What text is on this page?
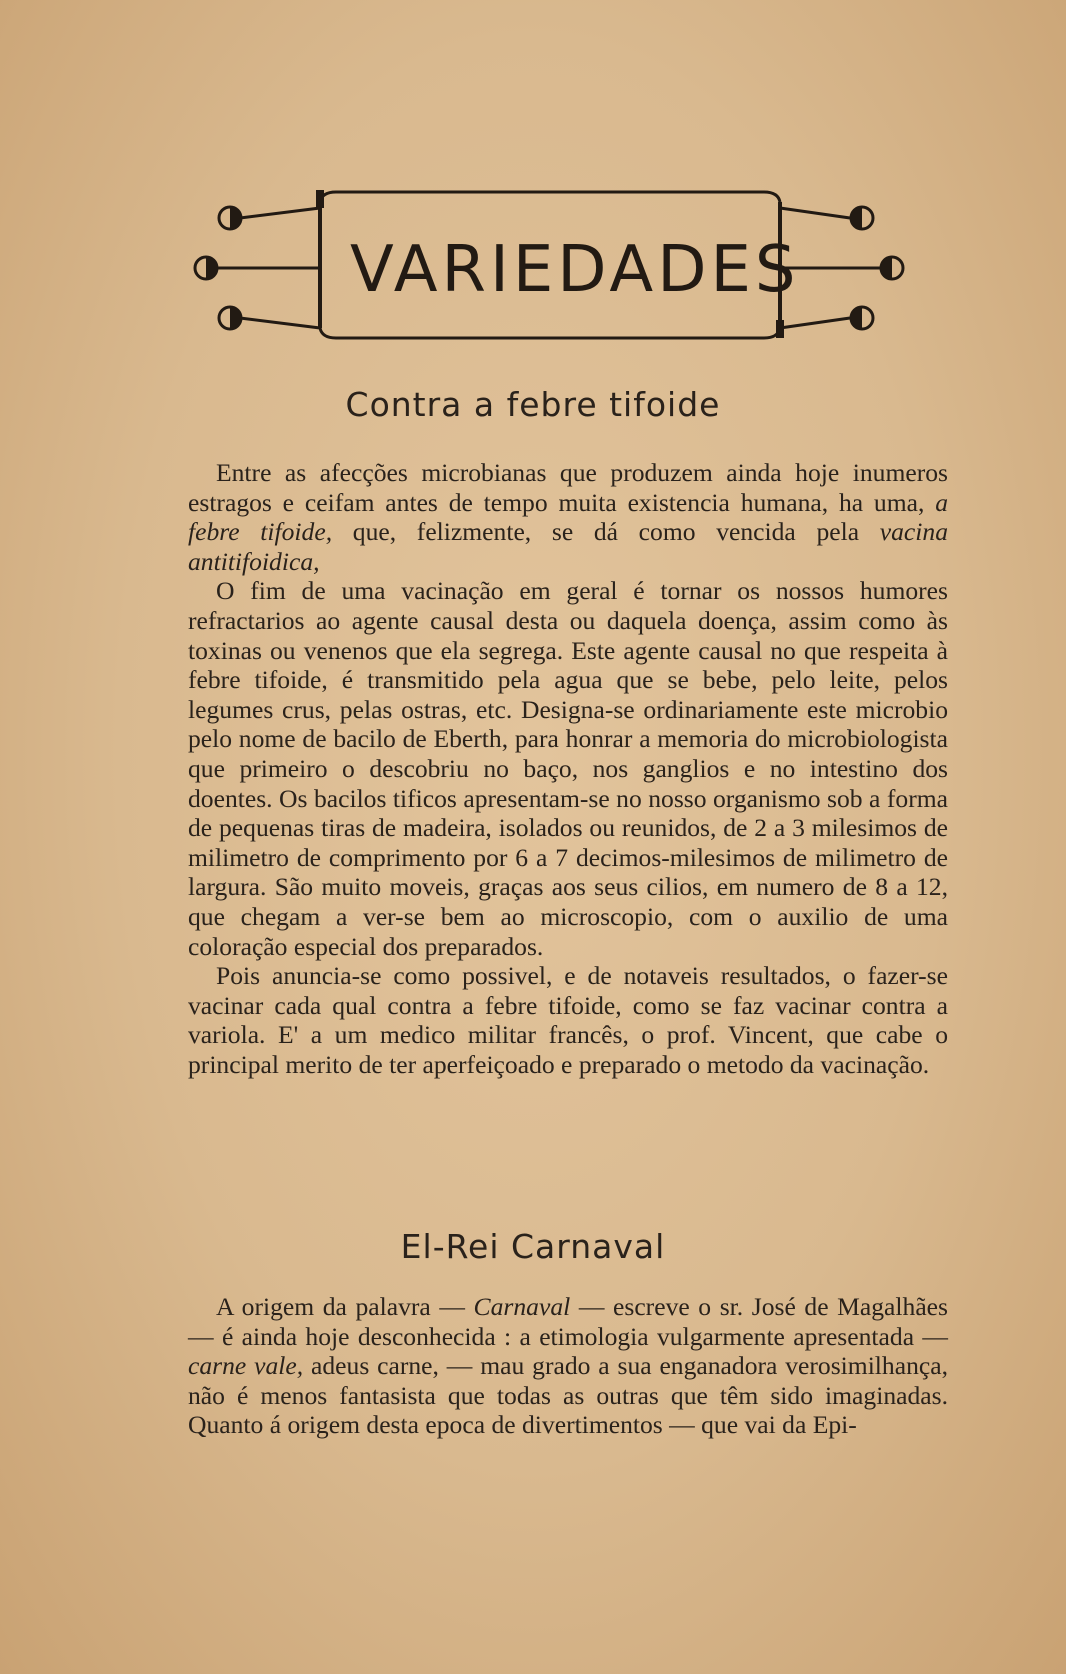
VARIEDADES
Contra a febre tifoide

Entre as afecções microbianas que produzem ainda hoje inumeros estragos e ceifam antes de tempo muita existencia humana, ha uma, a febre tifoide, que, felizmente, se dá como vencida pela vacina antitifoidica,

O fim de uma vacinação em geral é tornar os nossos humores refractarios ao agente causal desta ou daquela doença, assim como às toxinas ou venenos que ela segrega. Este agente causal no que respeita à febre tifoide, é transmitido pela agua que se bebe, pelo leite, pelos legumes crus, pelas ostras, etc. Designa-se ordinariamente este microbio pelo nome de bacilo de Eberth, para honrar a memoria do microbiologista que primeiro o descobriu no baço, nos ganglios e no intestino dos doentes. Os bacilos tificos apresentam-se no nosso organismo sob a forma de pequenas tiras de madeira, isolados ou reunidos, de 2 a 3 milesimos de milimetro de comprimento por 6 a 7 decimos-milesimos de milimetro de largura. São muito moveis, graças aos seus cilios, em numero de 8 a 12, que chegam a ver-se bem ao microscopio, com o auxilio de uma coloração especial dos preparados.

Pois anuncia-se como possivel, e de notaveis resultados, o fazer-se vacinar cada qual contra a febre tifoide, como se faz vacinar contra a variola. E' a um medico militar francês, o prof. Vincent, que cabe o principal merito de ter aperfeiçoado e preparado o metodo da vacinação.

El-Rei Carnaval

A origem da palavra — Carnaval — escreve o sr. José de Magalhães — é ainda hoje desconhecida : a etimologia vulgarmente apresentada — carne vale, adeus carne, — mau grado a sua enganadora verosimilhança, não é menos fantasista que todas as outras que têm sido imaginadas. Quanto á origem desta epoca de divertimentos — que vai da Epi-
